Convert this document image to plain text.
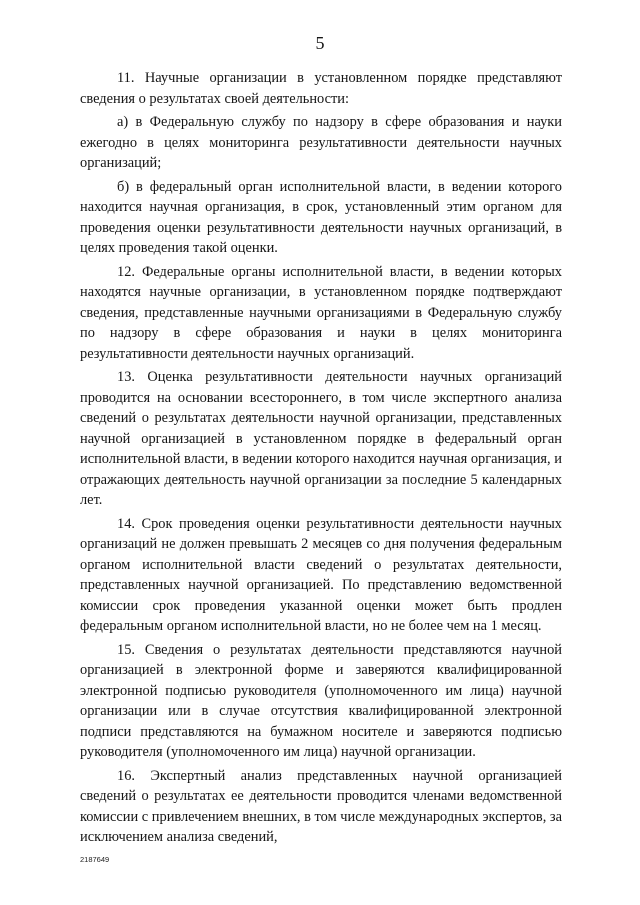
5

11. Научные организации в установленном порядке представляют сведения о результатах своей деятельности:

а) в Федеральную службу по надзору в сфере образования и науки ежегодно в целях мониторинга результативности деятельности научных организаций;

б) в федеральный орган исполнительной власти, в ведении которого находится научная организация, в срок, установленный этим органом для проведения оценки результативности деятельности научных организаций, в целях проведения такой оценки.

12. Федеральные органы исполнительной власти, в ведении которых находятся научные организации, в установленном порядке подтверждают сведения, представленные научными организациями в Федеральную службу по надзору в сфере образования и науки в целях мониторинга результативности деятельности научных организаций.

13. Оценка результативности деятельности научных организаций проводится на основании всестороннего, в том числе экспертного анализа сведений о результатах деятельности научной организации, представленных научной организацией в установленном порядке в федеральный орган исполнительной власти, в ведении которого находится научная организация, и отражающих деятельность научной организации за последние 5 календарных лет.

14. Срок проведения оценки результативности деятельности научных организаций не должен превышать 2 месяцев со дня получения федеральным органом исполнительной власти сведений о результатах деятельности, представленных научной организацией. По представлению ведомственной комиссии срок проведения указанной оценки может быть продлен федеральным органом исполнительной власти, но не более чем на 1 месяц.

15. Сведения о результатах деятельности представляются научной организацией в электронной форме и заверяются квалифицированной электронной подписью руководителя (уполномоченного им лица) научной организации или в случае отсутствия квалифицированной электронной подписи представляются на бумажном носителе и заверяются подписью руководителя (уполномоченного им лица) научной организации.

16. Экспертный анализ представленных научной организацией сведений о результатах ее деятельности проводится членами ведомственной комиссии с привлечением внешних, в том числе международных экспертов, за исключением анализа сведений,

2187649
